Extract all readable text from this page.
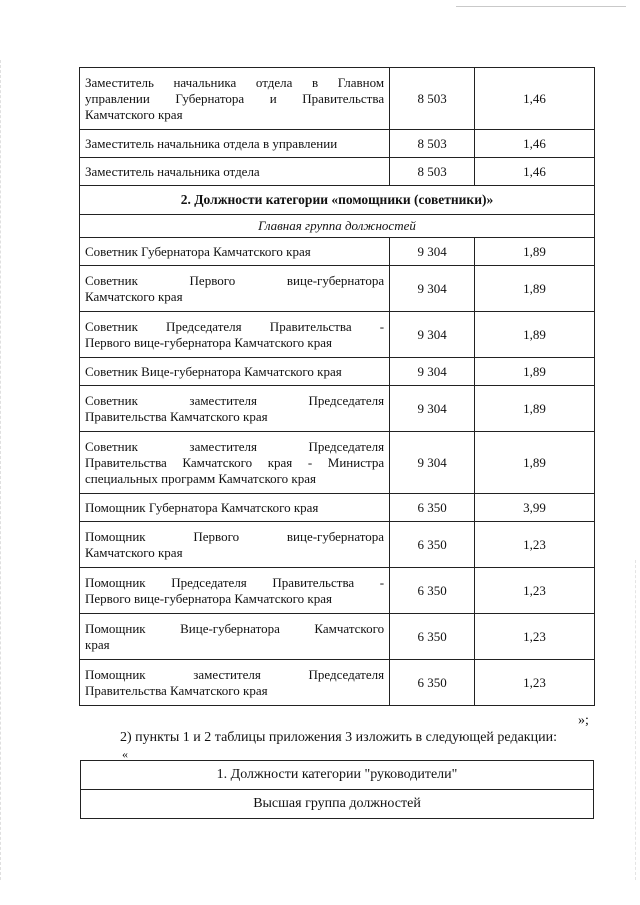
Заместитель начальника отдела в Главном
управлении Губернатора и Правительства
Камчатского края	8 503	1,46
Заместитель начальника отдела в управлении	8 503	1,46
Заместитель начальника отдела	8 503	1,46
2. Должности категории «помощники (советники)»		
Главная группа должностей		
Советник Губернатора Камчатского края	9 304	1,89

Советник Первого вице-губернатора
Камчатского края	9 304	1,89

Советник Председателя Правительства -
Первого вице-губернатора Камчатского края	9 304	1,89
Советник Вице-губернатора Камчатского края	9 304	1,89

Советник заместителя Председателя
Правительства Камчатского края	9 304	1,89

Советник заместителя Председателя
Правительства Камчатского края - Министра
специальных программ Камчатского края	9 304	1,89
Помощник Губернатора Камчатского края	6 350	3,99

Помощник Первого вице-губернатора
Камчатского края	6 350	1,23

Помощник Председателя Правительства -
Первого вице-губернатора Камчатского края	6 350	1,23

Помощник Вице-губернатора Камчатского
края	6 350	1,23

Помощник заместителя Председателя
Правительства Камчатского края	6 350	1,23
»;
2) пункты 1 и 2 таблицы приложения 3 изложить в следующей редакции:
«
1. Должности категории "руководители"
Высшая группа должностей
